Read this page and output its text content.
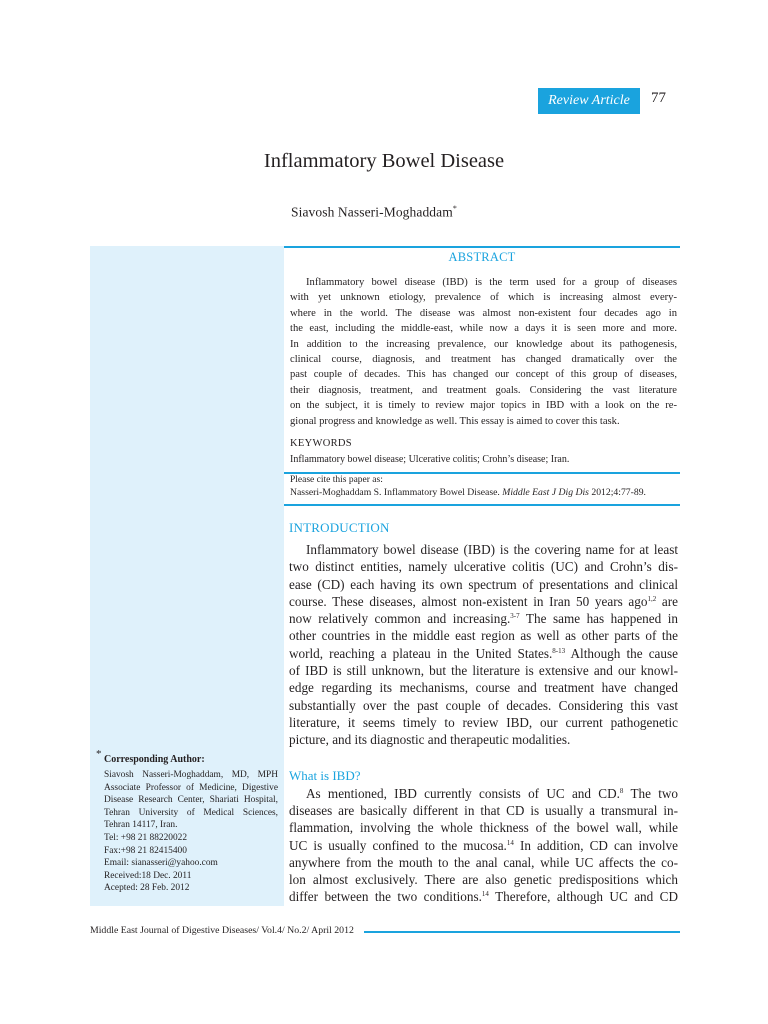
Review Article	77
Inflammatory Bowel Disease
Siavosh Nasseri-Moghaddam*
ABSTRACT
Inflammatory bowel disease (IBD) is the term used for a group of diseases
with yet unknown etiology, prevalence of which is increasing almost every-
where in the world. The disease was almost non-existent four decades ago in
the east, including the middle-east, while now a days it is seen more and more.
In addition to the increasing prevalence, our knowledge about its pathogenesis,
clinical course, diagnosis, and treatment has changed dramatically over the
past couple of decades. This has changed our concept of this group of diseases,
their diagnosis, treatment, and treatment goals. Considering the vast literature
on the subject, it is timely to review major topics in IBD with a look on the re-
gional progress and knowledge as well. This essay is aimed to cover this task.
KEYWORDS
Inflammatory bowel disease; Ulcerative colitis; Crohn’s disease; Iran.
Please cite this paper as:
Nasseri-Moghaddam S. Inflammatory Bowel Disease. Middle East J Dig Dis 2012;4:77-89.
INTRODUCTION
Inflammatory bowel disease (IBD) is the covering name for at least
two distinct entities, namely ulcerative colitis (UC) and Crohn’s dis-
ease (CD) each having its own spectrum of presentations and clinical
course. These diseases, almost non-existent in Iran 50 years ago$^{1,2}$ are
now relatively common and increasing.$^{3-7}$ The same has happened in
other countries in the middle east region as well as other parts of the
world, reaching a plateau in the United States.$^{8-13}$ Although the cause
of IBD is still unknown, but the literature is extensive and our knowl-
edge regarding its mechanisms, course and treatment have changed
substantially over the past couple of decades. Considering this vast
literature, it seems timely to review IBD, our current pathogenetic
picture, and its diagnostic and therapeutic modalities.
What is IBD?
As mentioned, IBD currently consists of UC and CD.$^8$ The two
diseases are basically different in that CD is usually a transmural in-
flammation, involving the whole thickness of the bowel wall, while
UC is usually confined to the mucosa.$^{14}$ In addition, CD can involve
anywhere from the mouth to the anal canal, while UC affects the co-
lon almost exclusively. There are also genetic predispositions which
differ between the two conditions.$^{14}$ Therefore, although UC and CD
* Corresponding Author:
Siavosh Nasseri-Moghaddam, MD, MPH
Associate Professor of Medicine, Digestive
Disease Research Center, Shariati Hospital,
Tehran University of Medical Sciences,
Tehran 14117, Iran.
Tel: +98 21 88220022
Fax:+98 21 82415400
Email: sianasseri@yahoo.com
Received:18 Dec. 2011
Acepted: 28 Feb. 2012
Middle East Journal of Digestive Diseases/ Vol.4/ No.2/ April 2012
